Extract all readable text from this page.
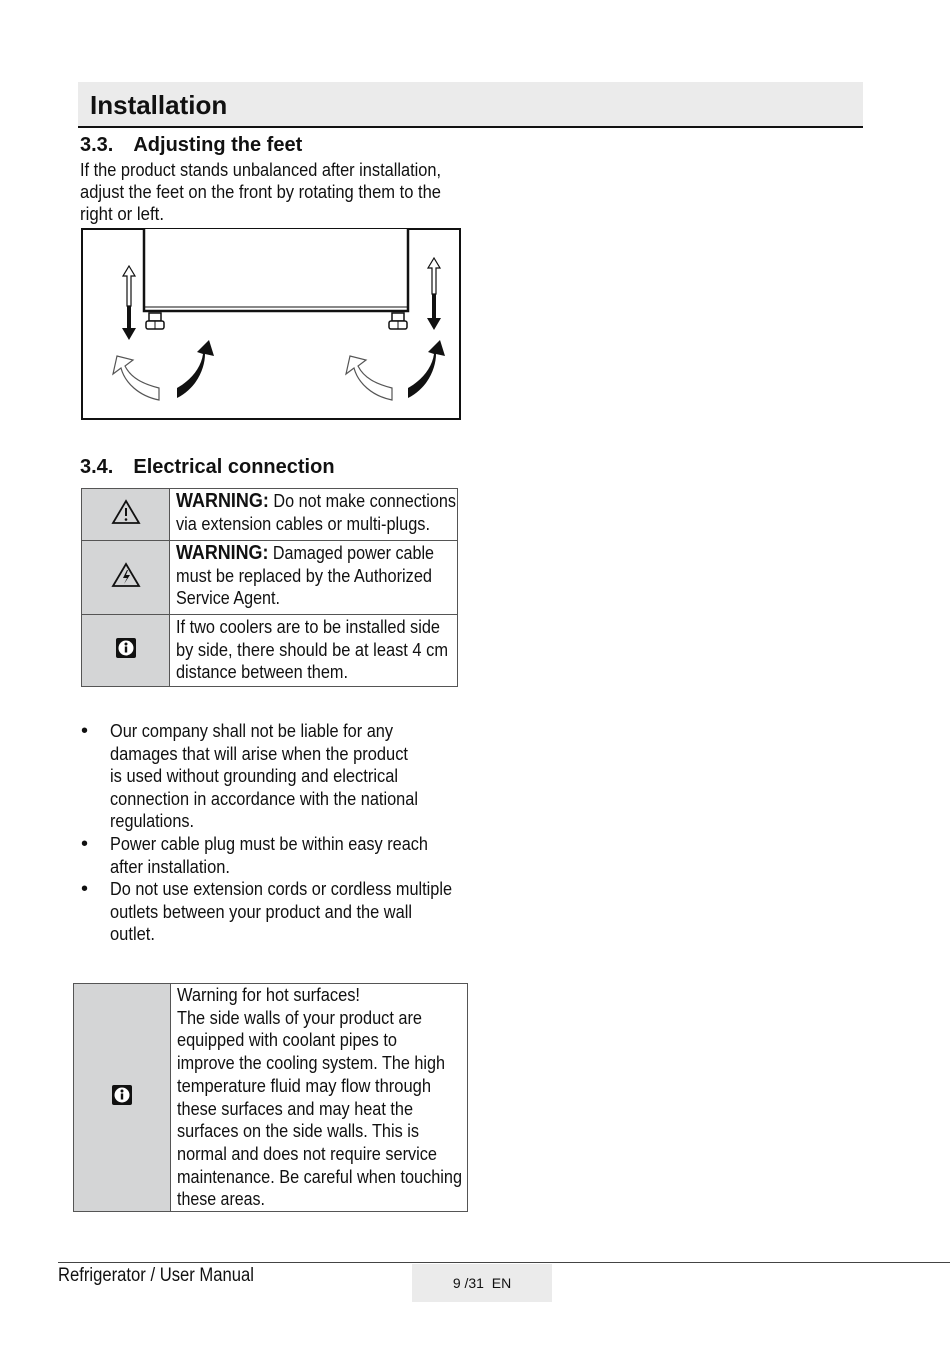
Installation
3.3. Adjusting the feet
If the product stands unbalanced after installation,
adjust the feet on the front by rotating them to the
right or left.
3.4. Electrical connection

WARNING: Do not make connections
via extension cables or multi-plugs.

WARNING: Damaged power cable
must be replaced by the Authorized
Service Agent.

If two coolers are to be installed side
by side, there should be at least 4 cm
distance between them.
• Our company shall not be liable for any
damages that will arise when the product
is used without grounding and electrical
connection in accordance with the national
regulations.
• Power cable plug must be within easy reach
after installation.
• Do not use extension cords or cordless multiple
outlets between your product and the wall
outlet.

Warning for hot surfaces!
The side walls of your product are
equipped with coolant pipes to
improve the cooling system. The high
temperature fluid may flow through
these surfaces and may heat the
surfaces on the side walls. This is
normal and does not require service
maintenance. Be careful when touching
these areas.
Refrigerator / User Manual	9 /31  EN
